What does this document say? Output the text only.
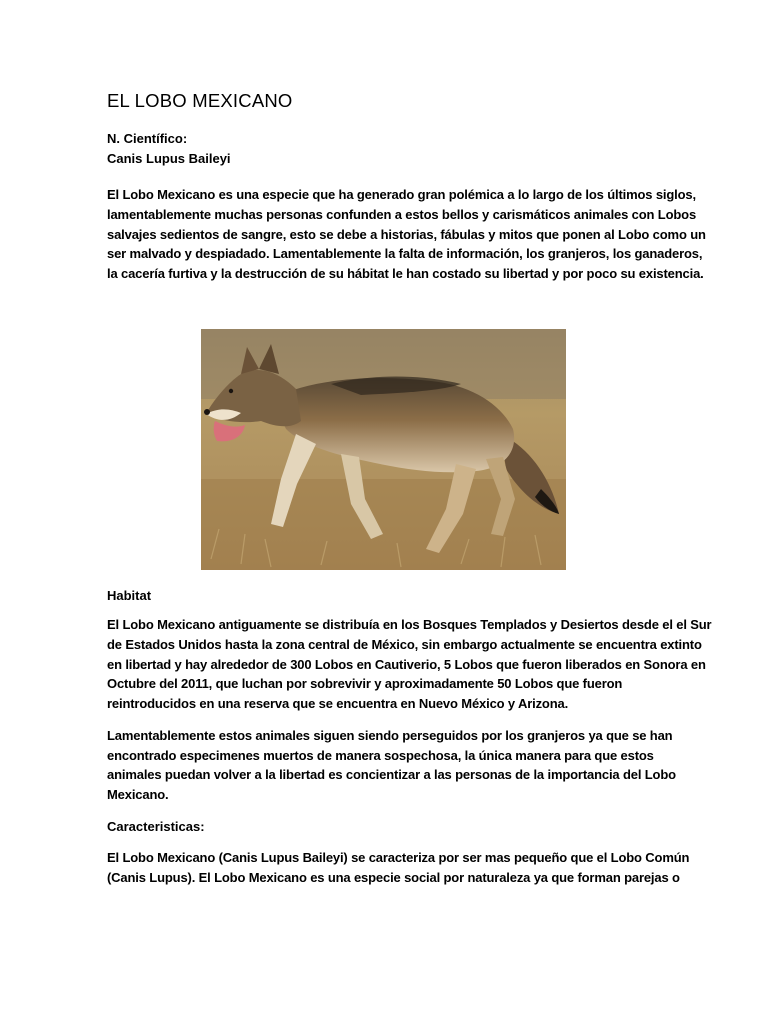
EL LOBO MEXICANO
N. Científico:
Canis Lupus Baileyi
El Lobo Mexicano es una especie que ha generado gran polémica a lo largo de los últimos siglos,
lamentablemente muchas personas confunden a estos bellos y carismáticos animales con Lobos
salvajes sedientos de sangre, esto se debe a historias, fábulas y mitos que ponen al Lobo como un
ser malvado y despiadado. Lamentablemente la falta de información, los granjeros, los ganaderos,
la cacería furtiva y la destrucción de su hábitat le han costado su libertad y por poco su existencia.
Habitat
El Lobo Mexicano antiguamente se distribuía en los Bosques Templados y Desiertos desde el el Sur
de Estados Unidos hasta la zona central de México, sin embargo actualmente se encuentra extinto
en libertad y hay alrededor de 300 Lobos en Cautiverio, 5 Lobos que fueron liberados en Sonora en
Octubre del 2011, que luchan por sobrevivir y aproximadamente 50 Lobos que fueron
reintroducidos en una reserva que se encuentra en Nuevo México y Arizona.
Lamentablemente estos animales siguen siendo perseguidos por los granjeros ya que se han
encontrado especimenes muertos de manera sospechosa, la única manera para que estos
animales puedan volver a la libertad es concientizar a las personas de la importancia del Lobo
Mexicano.
Caracteristicas:
El Lobo Mexicano (Canis Lupus Baileyi) se caracteriza por ser mas pequeño que el Lobo Común
(Canis Lupus). El Lobo Mexicano es una especie social por naturaleza ya que forman parejas o
